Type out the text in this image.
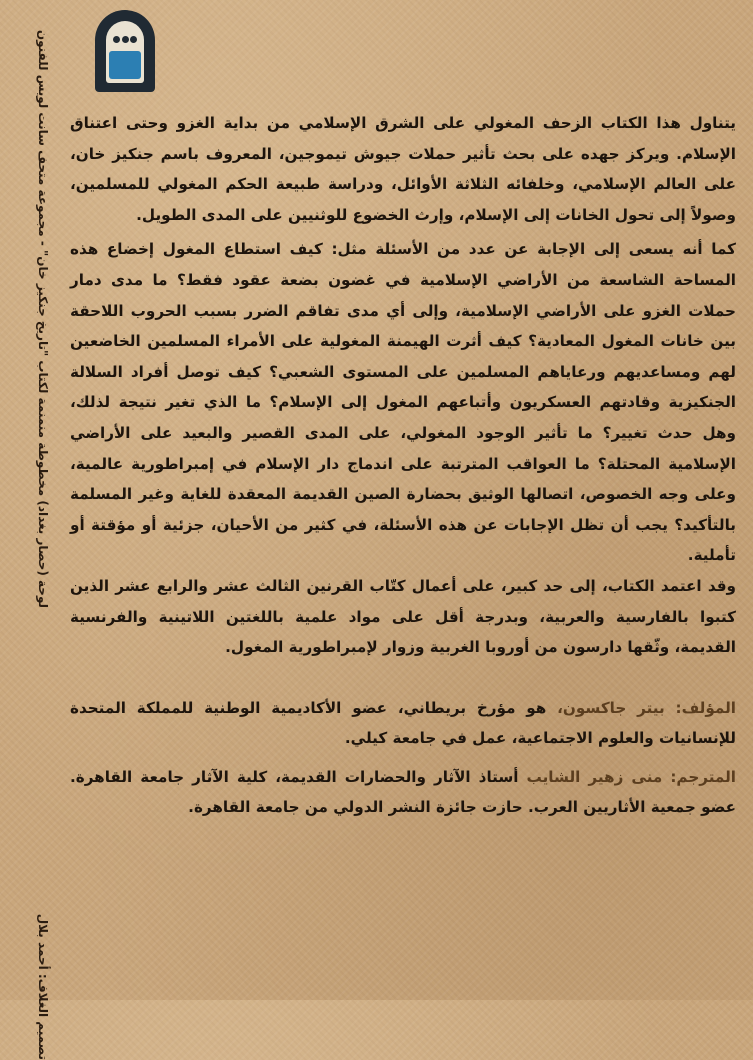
لوحة (حصار بغداد) مخطوطة منمنمة لكتاب "تاريخ جنكيز خان" - مجموعة متحف سانت لويس للفنون
تصميم الغلاف: أحمد بلال

يتناول هذا الكتاب الزحف المغولي على الشرق الإسلامي من بداية الغزو وحتى اعتناق الإسلام. ويركز جهده على بحث تأثير حملات جيوش تيموجين، المعروف باسم جنكيز خان، على العالم الإسلامي، وخلفائه الثلاثة الأوائل، ودراسة طبيعة الحكم المغولي للمسلمين، وصولاً إلى تحول الخانات إلى الإسلام، وإرث الخضوع للوثنيين على المدى الطويل.

كما أنه يسعى إلى الإجابة عن عدد من الأسئلة مثل: كيف استطاع المغول إخضاع هذه المساحة الشاسعة من الأراضي الإسلامية في غضون بضعة عقود فقط؟ ما مدى دمار حملات الغزو على الأراضي الإسلامية، وإلى أي مدى تفاقم الضرر بسبب الحروب اللاحقة بين خانات المغول المعادية؟ كيف أثرت الهيمنة المغولية على الأمراء المسلمين الخاضعين لهم ومساعديهم ورعاياهم المسلمين على المستوى الشعبي؟ كيف توصل أفراد السلالة الجنكيزية وقادتهم العسكريون وأتباعهم المغول إلى الإسلام؟ ما الذي تغير نتيجة لذلك، وهل حدث تغيير؟ ما تأثير الوجود المغولي، على المدى القصير والبعيد على الأراضي الإسلامية المحتلة؟ ما العواقب المترتبة على اندماج دار الإسلام في إمبراطورية عالمية، وعلى وجه الخصوص، اتصالها الوثيق بحضارة الصين القديمة المعقدة للغاية وغير المسلمة بالتأكيد؟ يجب أن تظل الإجابات عن هذه الأسئلة، في كثير من الأحيان، جزئية أو مؤقتة أو تأملية.

وقد اعتمد الكتاب، إلى حد كبير، على أعمال كتّاب القرنين الثالث عشر والرابع عشر الذين كتبوا بالفارسية والعربية، وبدرجة أقل على مواد علمية باللغتين اللاتينية والفرنسية القديمة، وثّقها دارسون من أوروبا الغربية وزوار لإمبراطورية المغول.

المؤلف: بيتر جاكسون، هو مؤرخ بريطاني، عضو الأكاديمية الوطنية للمملكة المتحدة للإنسانيات والعلوم الاجتماعية، عمل في جامعة كيلي.

المترجم: منى زهير الشايب أستاذ الآثار والحضارات القديمة، كلية الآثار جامعة القاهرة. عضو جمعية الأثاريين العرب. حازت جائزة النشر الدولي من جامعة القاهرة.
